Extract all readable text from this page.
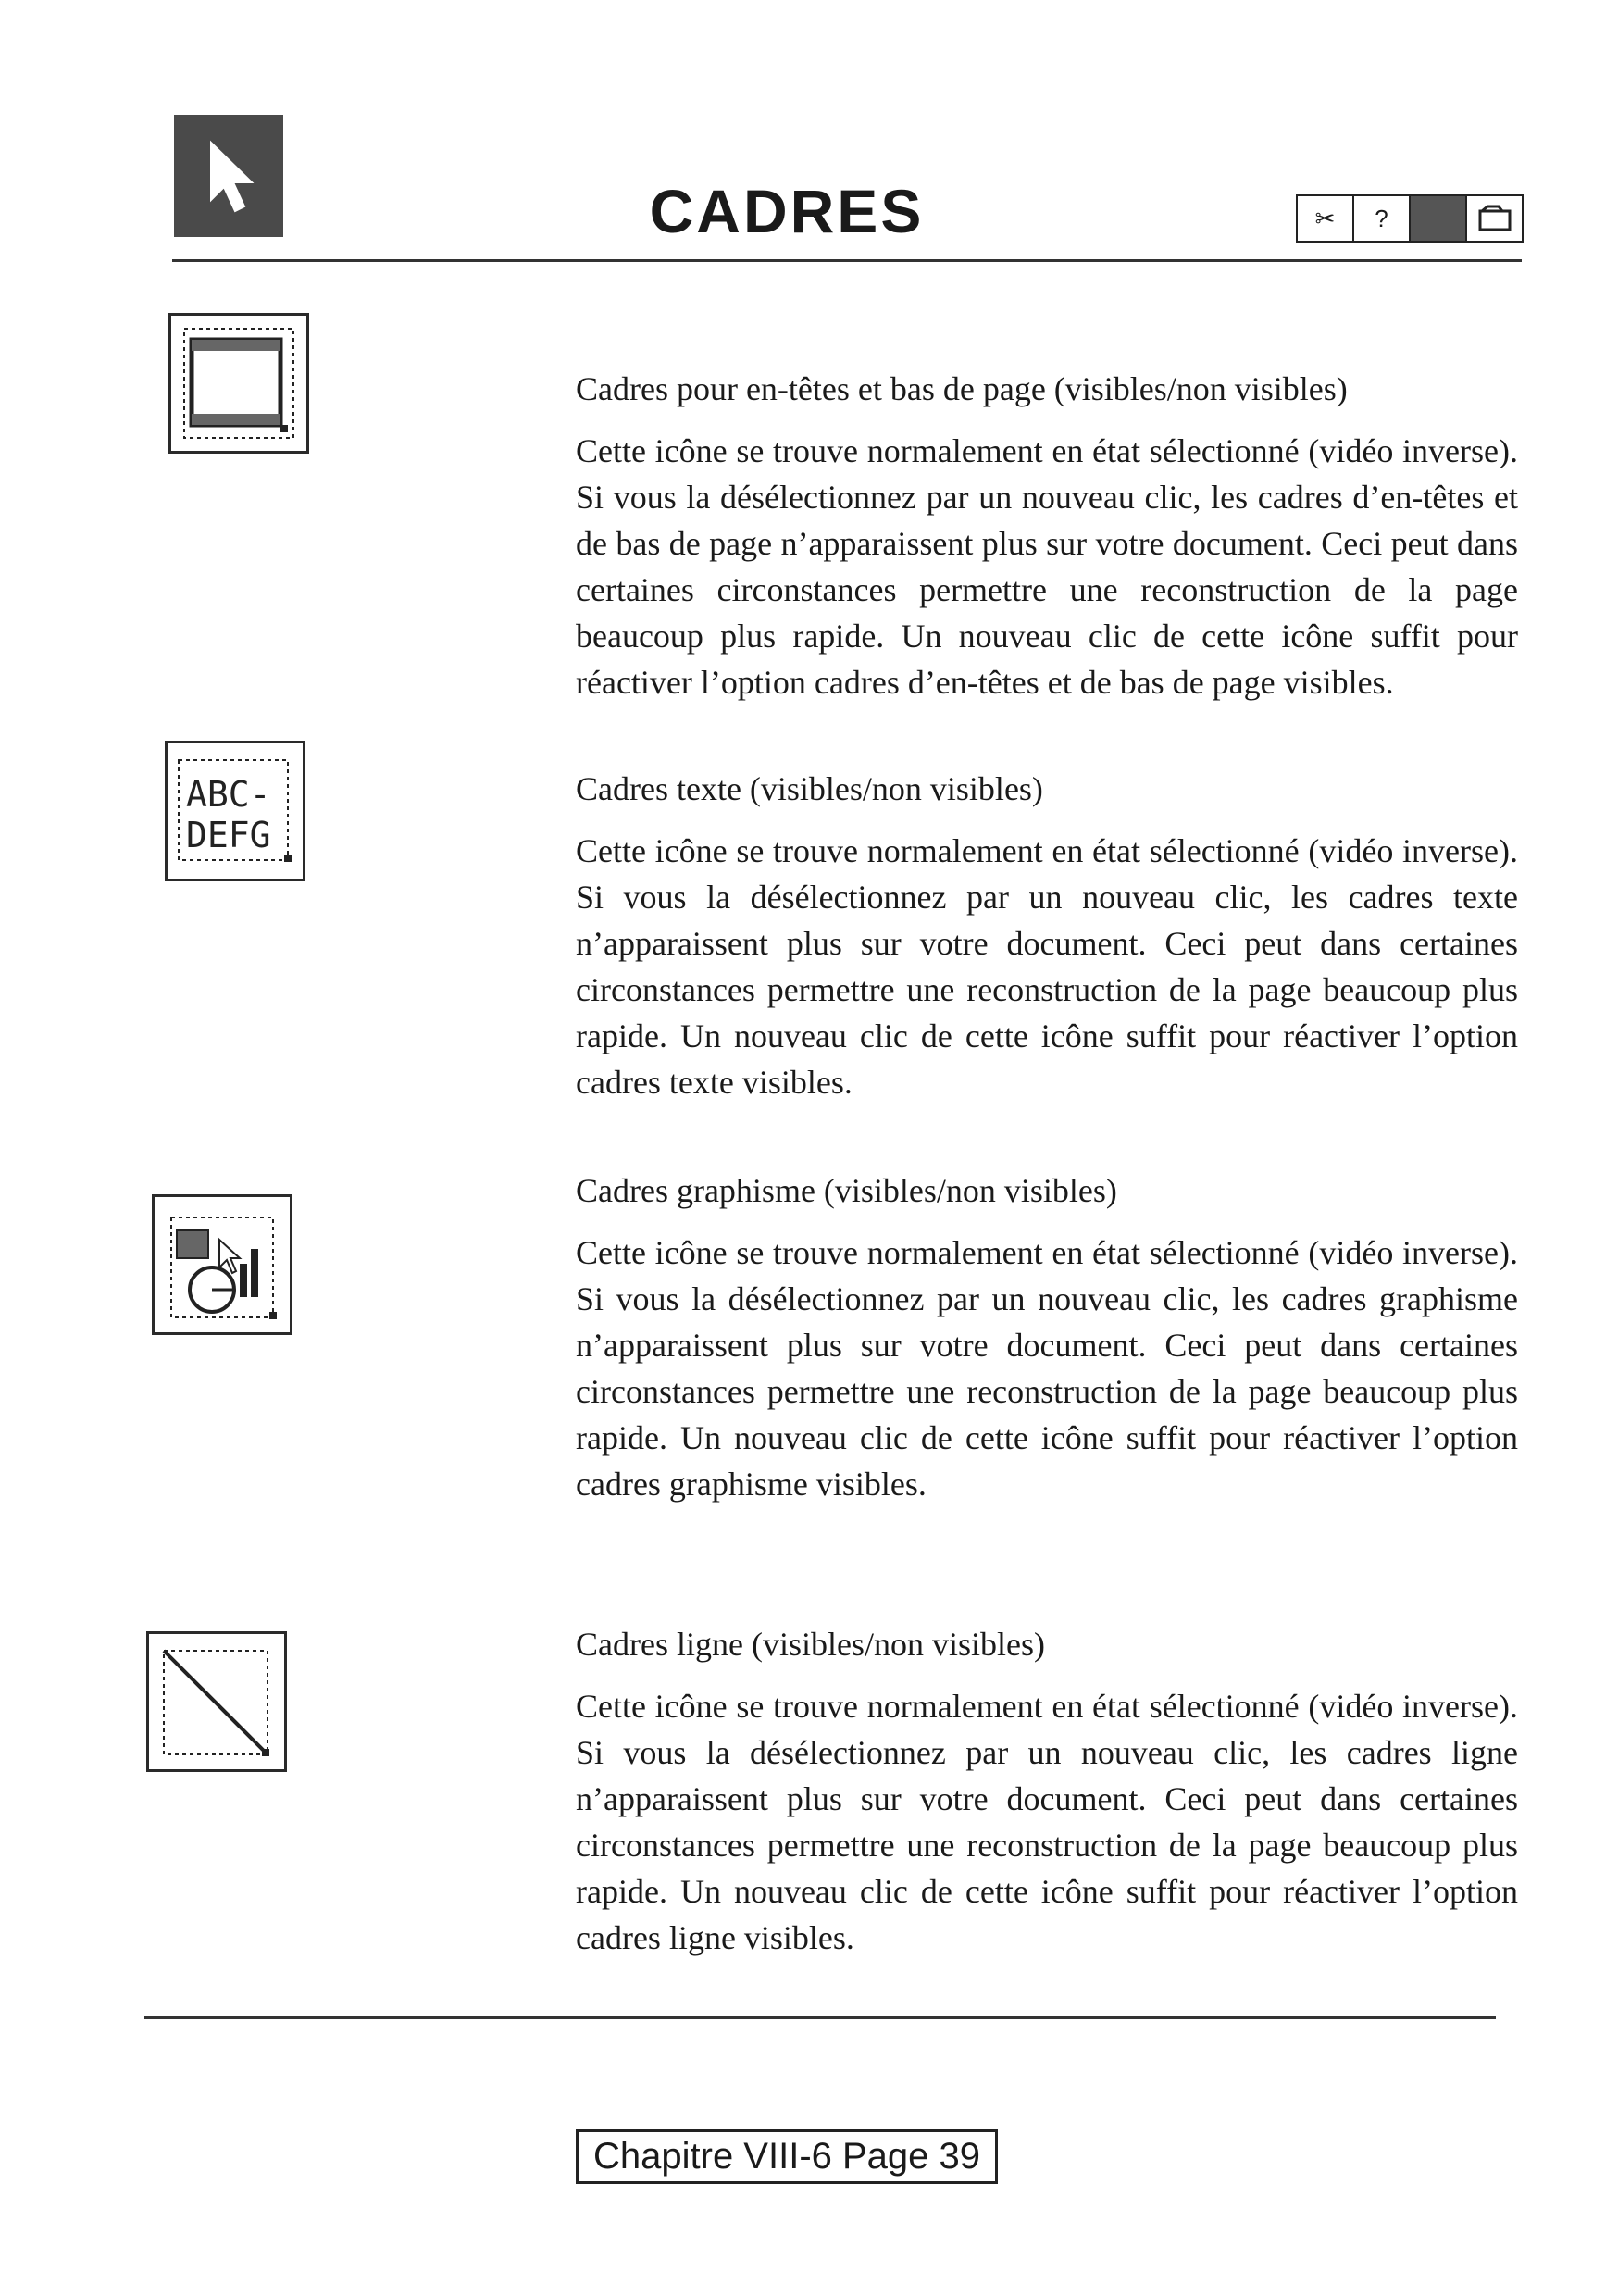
CADRES	✂	?
ABC-
DEFG
Cadres pour en-têtes et bas de page (visibles/non visibles)

Cette icône se trouve normalement en état sélectionné (vidéo inverse). Si vous la désélectionnez par un nouveau clic, les cadres d’en-têtes et de bas de page n’apparaissent plus sur votre document. Ceci peut dans certaines circonstances permettre une reconstruction de la page beaucoup plus rapide. Un nouveau clic de cette icône suffit pour réactiver l’option cadres d’en-têtes et de bas de page visibles.

Cadres texte (visibles/non visibles)

Cette icône se trouve normalement en état sélectionné (vidéo inverse). Si vous la désélectionnez par un nouveau clic, les cadres texte n’apparaissent plus sur votre document. Ceci peut dans certaines circonstances permettre une reconstruction de la page beaucoup plus rapide. Un nouveau clic de cette icône suffit pour réactiver l’option cadres texte visibles.

Cadres graphisme (visibles/non visibles)

Cette icône se trouve normalement en état sélectionné (vidéo inverse). Si vous la désélectionnez par un nouveau clic, les cadres graphisme n’apparaissent plus sur votre document. Ceci peut dans certaines circonstances permettre une reconstruction de la page beaucoup plus rapide. Un nouveau clic de cette icône suffit pour réactiver l’option cadres graphisme visibles.

Cadres ligne (visibles/non visibles)

Cette icône se trouve normalement en état sélectionné (vidéo inverse). Si vous la désélectionnez par un nouveau clic, les cadres ligne n’apparaissent plus sur votre document. Ceci peut dans certaines circonstances permettre une reconstruction de la page beaucoup plus rapide. Un nouveau clic de cette icône suffit pour réactiver l’option cadres ligne visibles.

Chapitre VIII-6 Page 39
